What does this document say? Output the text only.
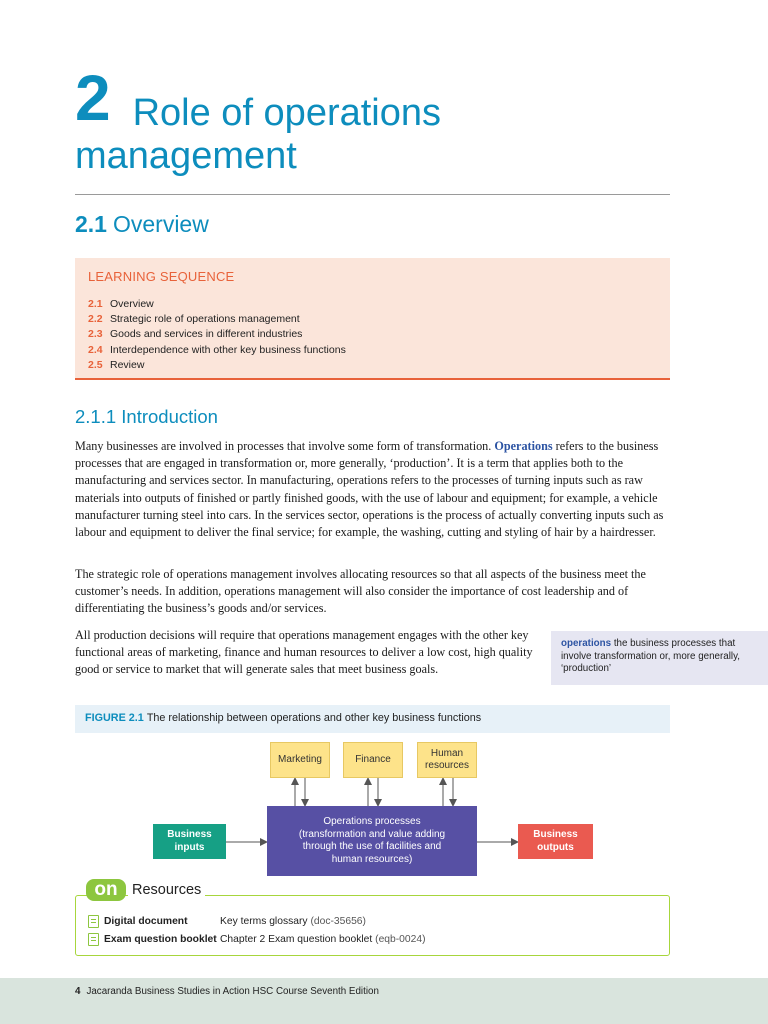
2 Role of operations
management
2.1 Overview
LEARNING SEQUENCE
2.1 Overview
2.2 Strategic role of operations management
2.3 Goods and services in different industries
2.4 Interdependence with other key business functions
2.5 Review
2.1.1 Introduction

Many businesses are involved in processes that involve some form of transformation. Operations refers to the business processes that are engaged in transformation or, more generally, ‘production’. It is a term that applies both to the manufacturing and services sector. In manufacturing, operations refers to the processes of turning inputs such as raw materials into outputs of finished or partly finished goods, with the use of labour and equipment; for example, a vehicle manufacturer turning steel into cars. In the services sector, operations is the process of actually converting inputs such as labour and equipment to deliver the final service; for example, the washing, cutting and styling of hair by a hairdresser.

The strategic role of operations management involves allocating resources so that all aspects of the business meet the customer’s needs. In addition, operations management will also consider the importance of cost leadership and of differentiating the business’s goods and/or services.

All production decisions will require that operations management engages with the other key functional areas of marketing, finance and human resources to deliver a low cost, high quality good or service to market that will generate sales that meet business goals.

operations the business processes that involve transformation or, more generally, ‘production’
FIGURE 2.1 The relationship between operations and other key business functions
Marketing	Finance
Human
resources
Operations processes
(transformation and value adding
through the use of facilities and
human resources)
Business
inputs
Business
outputs
on Resources
Digital document	Key terms glossary
(doc-35656)
Exam question booklet Chapter 2 Exam question booklet
(eqb-0024)
4 Jacaranda Business Studies in Action HSC Course Seventh Edition
